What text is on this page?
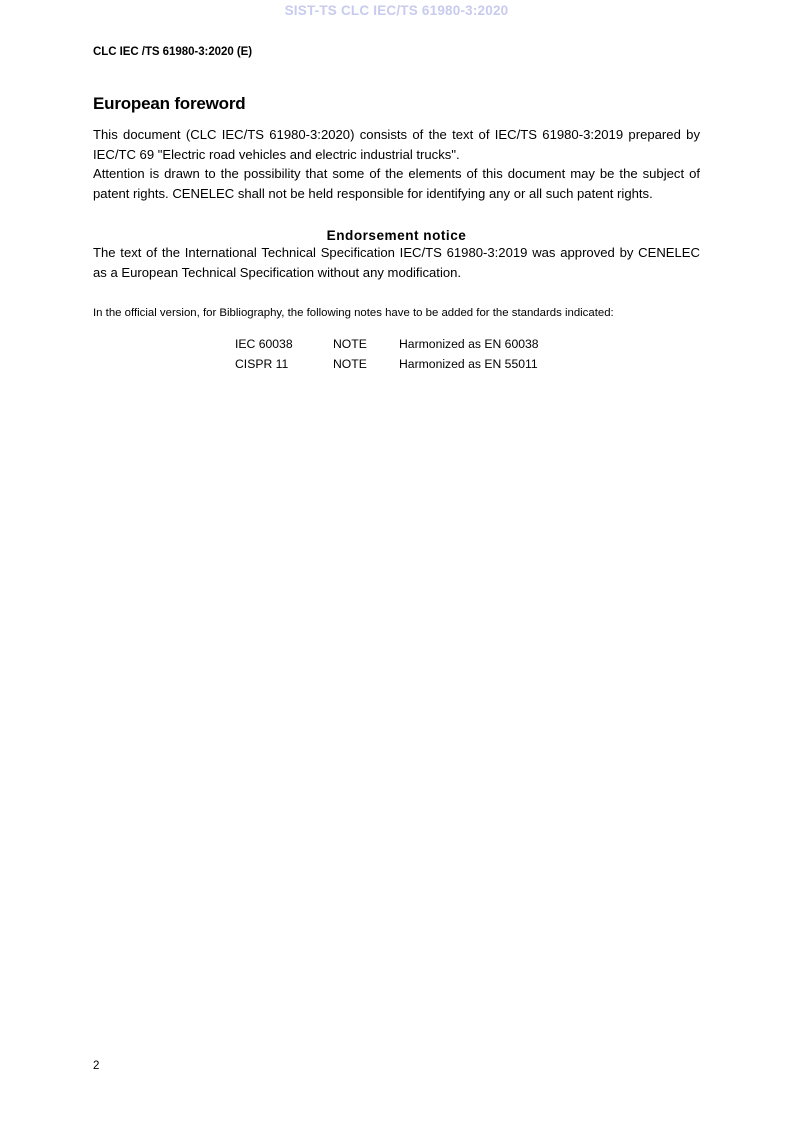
SIST-TS CLC IEC/TS 61980-3:2020
CLC IEC /TS 61980-3:2020 (E)
European foreword

This document (CLC IEC/TS 61980-3:2020) consists of the text of IEC/TS 61980-3:2019 prepared by IEC/TC 69 "Electric road vehicles and electric industrial trucks".

Attention is drawn to the possibility that some of the elements of this document may be the subject of patent rights. CENELEC shall not be held responsible for identifying any or all such patent rights.

Endorsement notice

The text of the International Technical Specification IEC/TS 61980-3:2019 was approved by CENELEC as a European Technical Specification without any modification.

In the official version, for Bibliography, the following notes have to be added for the standards indicated:

IEC 60038	NOTE	Harmonized as EN 60038
CISPR 11	NOTE	Harmonized as EN 55011
2
